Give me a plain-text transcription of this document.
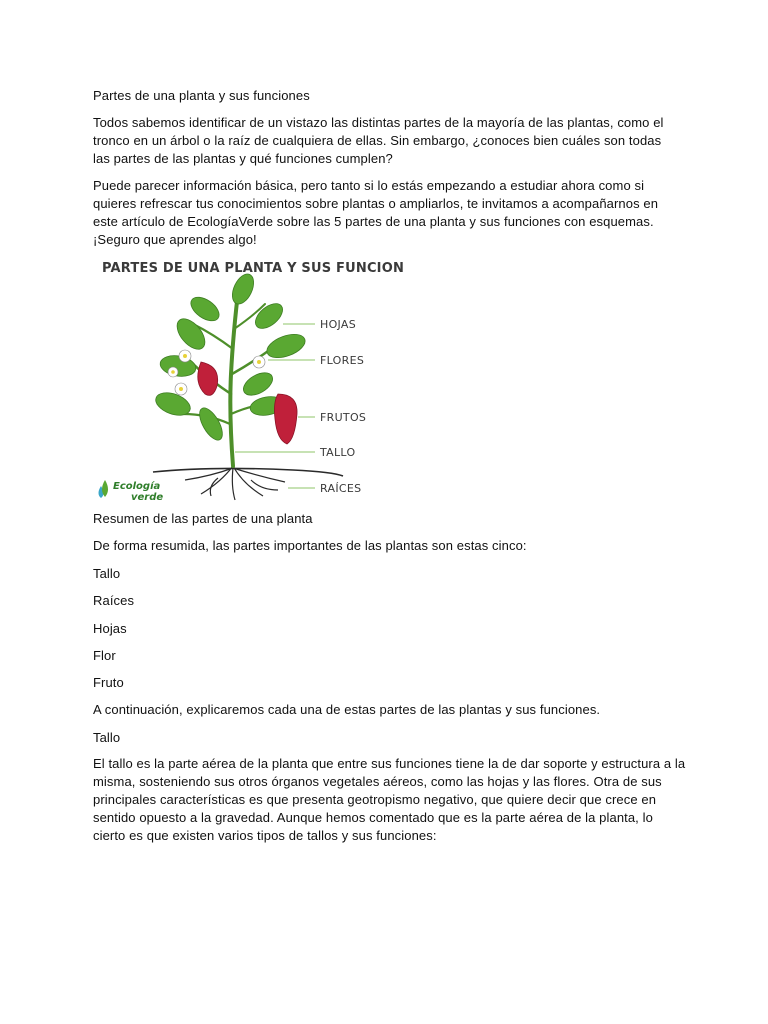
Partes de una planta y sus funciones

Todos sabemos identificar de un vistazo las distintas partes de la mayoría de las plantas, como el tronco en un árbol o la raíz de cualquiera de ellas. Sin embargo, ¿conoces bien cuáles son todas las partes de las plantas y qué funciones cumplen?

Puede parecer información básica, pero tanto si lo estás empezando a estudiar ahora como si quieres refrescar tus conocimientos sobre plantas o ampliarlos, te invitamos a acompañarnos en este artículo de EcologíaVerde sobre las 5 partes de una planta y sus funciones con esquemas. ¡Seguro que aprendes algo!

PARTES DE UNA PLANTA Y SUS FUNCIONES
HOJAS
FLORES
FRUTOS
TALLO
RAÍCES
Ecología
verde

Resumen de las partes de una planta

De forma resumida, las partes importantes de las plantas son estas cinco:

Tallo

Raíces

Hojas

Flor

Fruto

A continuación, explicaremos cada una de estas partes de las plantas y sus funciones.

Tallo

El tallo es la parte aérea de la planta que entre sus funciones tiene la de dar soporte y estructura a la misma, sosteniendo sus otros órganos vegetales aéreos, como las hojas y las flores. Otra de sus principales características es que presenta geotropismo negativo, que quiere decir que crece en sentido opuesto a la gravedad. Aunque hemos comentado que es la parte aérea de la planta, lo cierto es que existen varios tipos de tallos y sus funciones:
